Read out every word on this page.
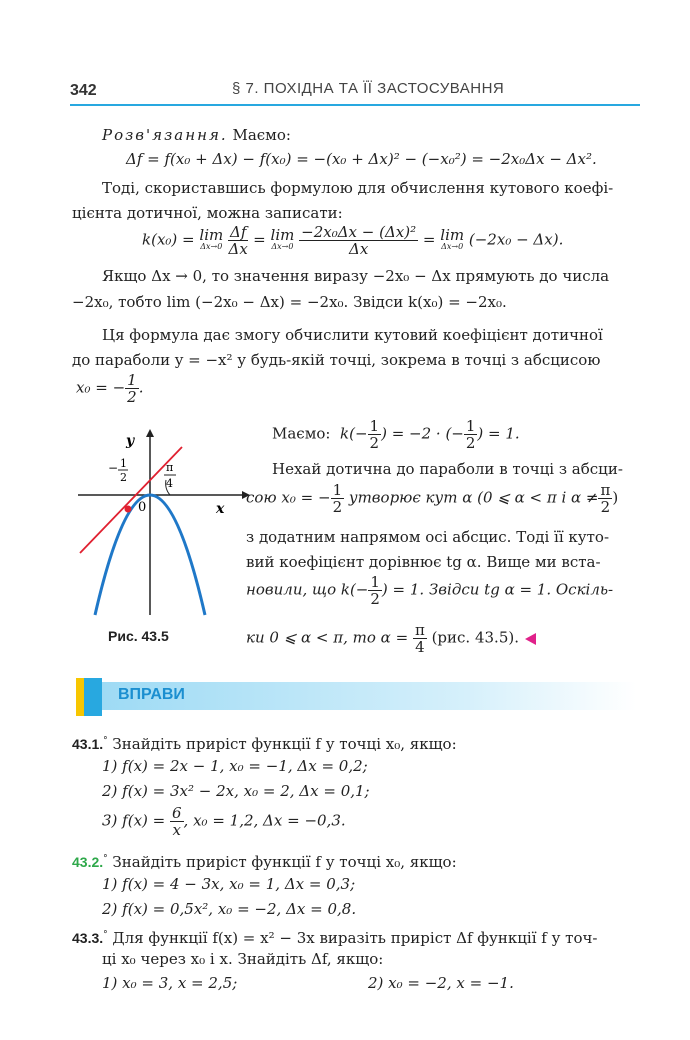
342	§ 7. ПОХІДНА ТА ЇЇ ЗАСТОСУВАННЯ
Розв'язання. Маємо:
Δf = f(x₀ + Δx) − f(x₀) = −(x₀ + Δx)² − (−x₀²) = −2x₀Δx − Δx².
Тоді, скориставшись формулою для обчислення кутового коефі-
цієнта дотичної, можна записати:
k(x₀) = lim
Δx→0
$\frac{\Delta f}{\Delta x} = \lim$
Δx→0
$\frac{\text{−2x₀Δx − (Δx)²}}{\Delta x} = \lim$
Δx→0 (−2x₀ − Δx).
Якщо Δx → 0, то значення виразу −2x₀ − Δx прямують до числа
−2x₀, тобто lim (−2x₀ − Δx) = −2x₀. Звідси k(x₀) = −2x₀.
Ця формула дає змогу обчислити кутовий коефіцієнт дотичної
до параболи y = −x² у будь-якій точці, зокрема в точці з абсцисою
x₀ = − $\frac{1}{2}$ .
y
x
0
− 1
2
π
4
Рис. 43.5
Маємо: $k(- \frac{1}{2}$ ) = −2 · (− $\frac{1}{2}$ ) = 1.
Нехай дотична до параболи в точці з абсци-
сою x₀ = − $\frac{1}{2}$ утворює кут α (0 ⩽ α < π і $\alpha \ne \frac{\pi}{2}$ )
з додатним напрямом осі абсцис. Тоді її куто-
вий коефіцієнт дорівнює tg α. Вище ми вста-
новили, що $k(- \frac{1}{2}$ ) = 1. Звідси tg α = 1. Оскіль-
ки 0 ⩽ α < π, то $\alpha = \frac{\pi}{4} (рис$. 43.5).
ВПРАВИ
43.1.° Знайдіть приріст функції f у точці x₀, якщо:
1) f(x) = 2x − 1, x₀ = −1, Δx = 0,2;
2) f(x) = 3x² − 2x, x₀ = 2, Δx = 0,1;
3) $f(x) = \frac{6}{x}$ , x₀ = 1,2, Δx = −0,3.
43.2.° Знайдіть приріст функції f у точці x₀, якщо:
1) f(x) = 4 − 3x, x₀ = 1, Δx = 0,3;
2) f(x) = 0,5x², x₀ = −2, Δx = 0,8.
43.3.° Для функції f(x) = x² − 3x виразіть приріст Δf функції f у точ-
ці x₀ через x₀ і x. Знайдіть Δf, якщо:
1) x₀ = 3, x = 2,5;	2) x₀ = −2, x = −1.
